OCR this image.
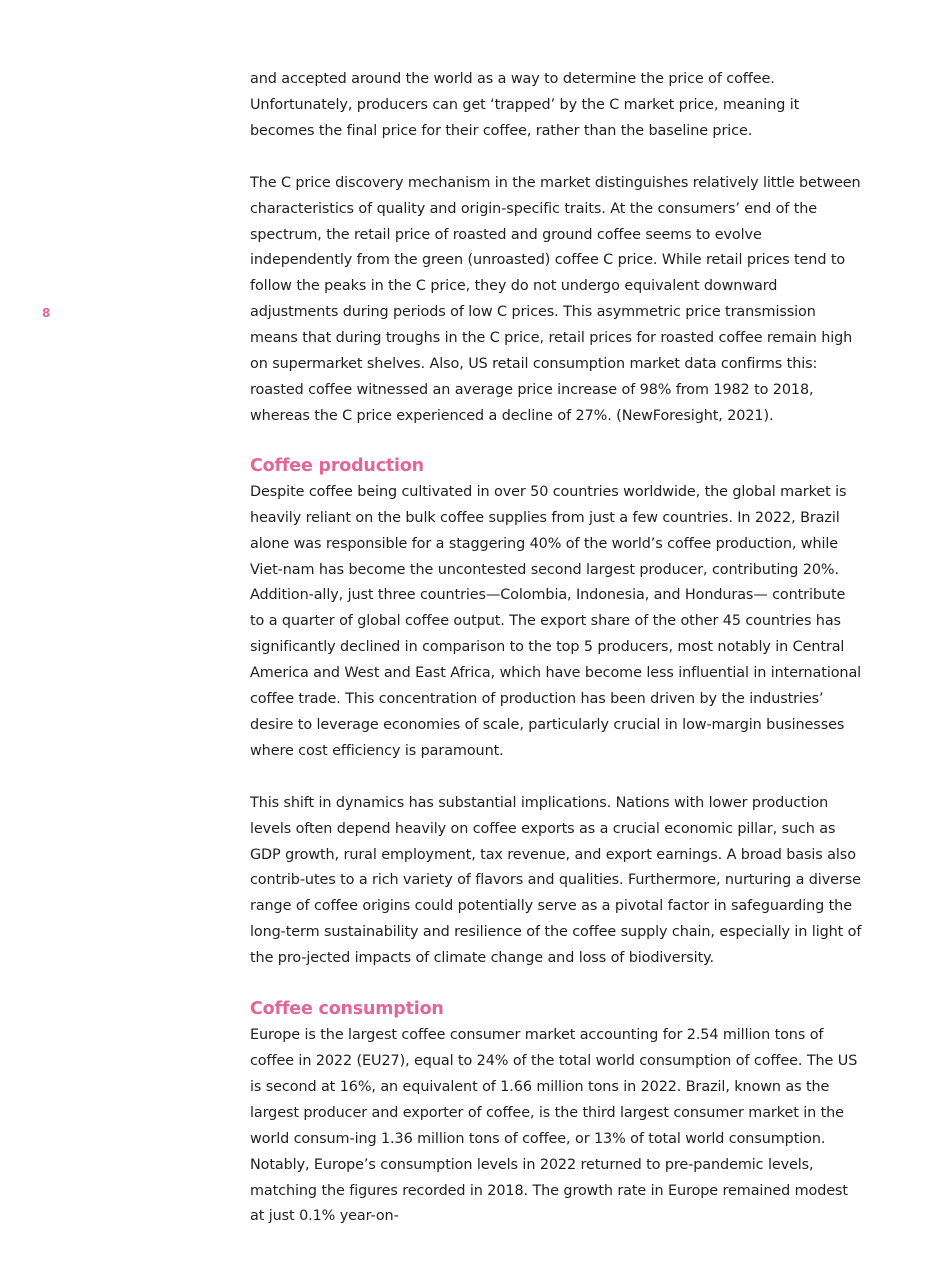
8

and accepted around the world as a way to determine the price of coffee. Unfortunately, producers can get ‘trapped’ by the C market price, meaning it becomes the final price for their coffee, rather than the baseline price.

The C price discovery mechanism in the market distinguishes relatively little between characteristics of quality and origin-specific traits. At the consumers’ end of the spectrum, the retail price of roasted and ground coffee seems to evolve independently from the green (unroasted) coffee C price. While retail prices tend to follow the peaks in the C price, they do not undergo equivalent downward adjustments during periods of low C prices. This asymmetric price transmission means that during troughs in the C price, retail prices for roasted coffee remain high on supermarket shelves. Also, US retail consumption market data confirms this: roasted coffee witnessed an average price increase of 98% from 1982 to 2018, whereas the C price experienced a decline of 27%. (NewForesight, 2021).

Coffee production

Despite coffee being cultivated in over 50 countries worldwide, the global market is heavily reliant on the bulk coffee supplies from just a few countries. In 2022, Brazil alone was responsible for a staggering 40% of the world’s coffee production, while Viet-nam has become the uncontested second largest producer, contributing 20%. Addition-ally, just three countries—Colombia, Indonesia, and Honduras— contribute to a quarter of global coffee output. The export share of the other 45 countries has significantly declined in comparison to the top 5 producers, most notably in Central America and West and East Africa, which have become less influential in international coffee trade. This concentration of production has been driven by the industries’ desire to leverage economies of scale, particularly crucial in low-margin businesses where cost efficiency is paramount.

This shift in dynamics has substantial implications. Nations with lower production levels often depend heavily on coffee exports as a crucial economic pillar, such as GDP growth, rural employment, tax revenue, and export earnings. A broad basis also contrib-utes to a rich variety of flavors and qualities. Furthermore, nurturing a diverse range of coffee origins could potentially serve as a pivotal factor in safeguarding the long-term sustainability and resilience of the coffee supply chain, especially in light of the pro-jected impacts of climate change and loss of biodiversity.

Coffee consumption

Europe is the largest coffee consumer market accounting for 2.54 million tons of coffee in 2022 (EU27), equal to 24% of the total world consumption of coffee. The US is second at 16%, an equivalent of 1.66 million tons in 2022. Brazil, known as the largest producer and exporter of coffee, is the third largest consumer market in the world consum-ing 1.36 million tons of coffee, or 13% of total world consumption. Notably, Europe’s consumption levels in 2022 returned to pre-pandemic levels, matching the figures recorded in 2018. The growth rate in Europe remained modest at just 0.1% year-on-
